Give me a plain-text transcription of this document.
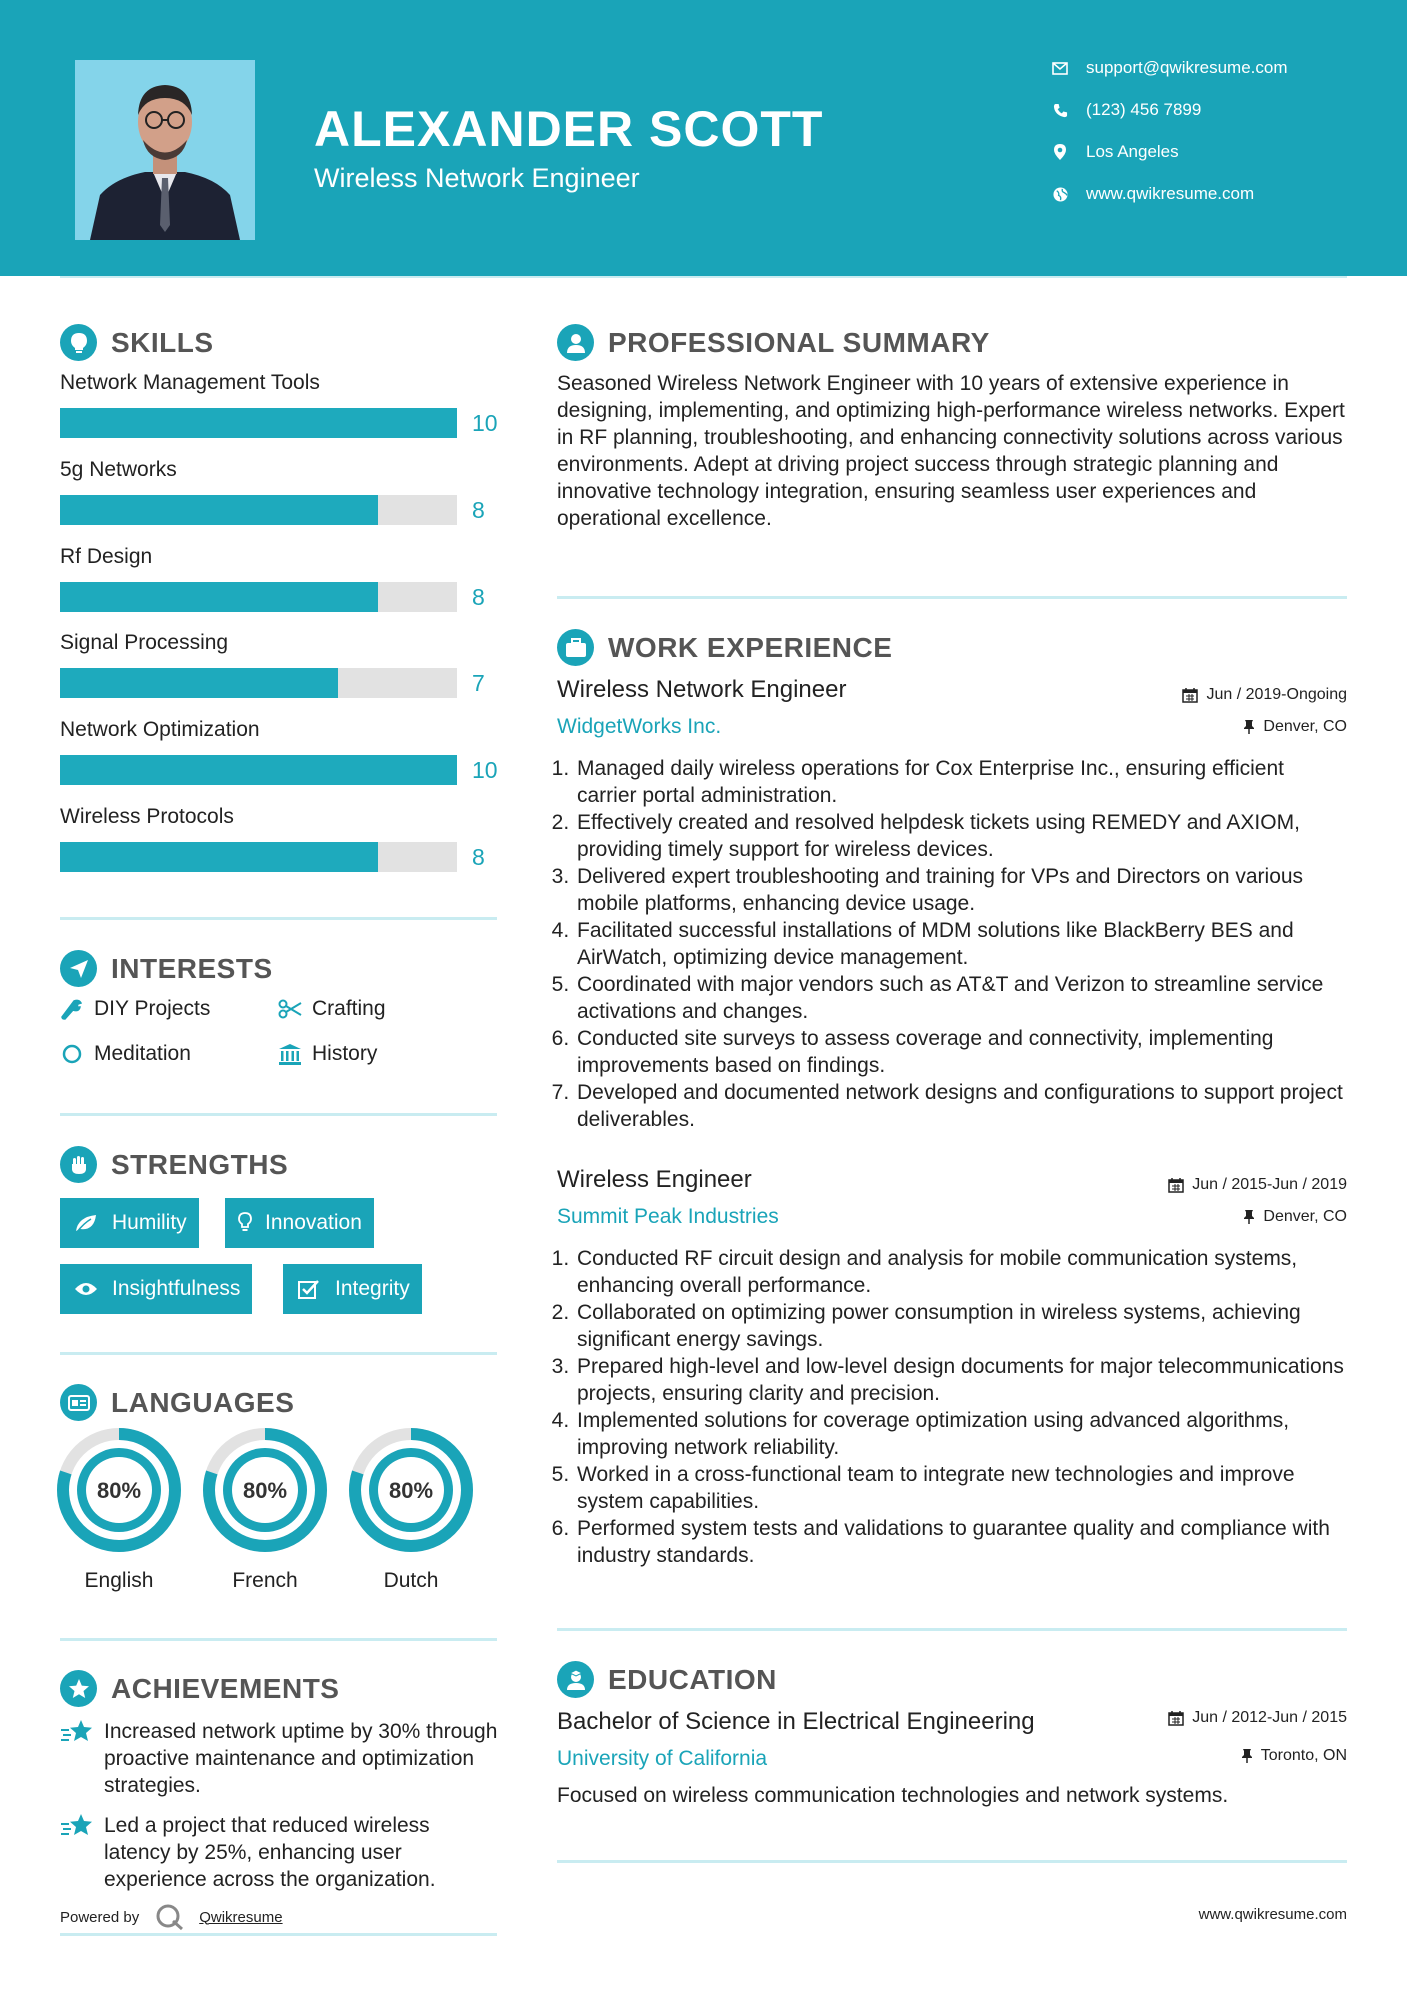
ALEXANDER SCOTT
Wireless Network Engineer
support@qwikresume.com
(123) 456 7899
Los Angeles
www.qwikresume.com
SKILLS
Network Management Tools
10
5g Networks
8
Rf Design
8
Signal Processing
7
Network Optimization
10
Wireless Protocols
8
INTERESTS
DIY Projects	Crafting
Meditation	History
STRENGTHS
Humility	Innovation
Insightfulness	Integrity
LANGUAGES
80%
English
80%
French
80%
Dutch
ACHIEVEMENTS
Increased network uptime by 30% through proactive maintenance and optimization strategies.
Led a project that reduced wireless latency by 25%, enhancing user experience across the organization.
Powered by	Qwikresume
PROFESSIONAL SUMMARY
Seasoned Wireless Network Engineer with 10 years of extensive experience in designing, implementing, and optimizing high-performance wireless networks. Expert in RF planning, troubleshooting, and enhancing connectivity solutions across various environments. Adept at driving project success through strategic planning and innovative technology integration, ensuring seamless user experiences and operational excellence.
WORK EXPERIENCE
Wireless Network Engineer	Jun / 2019-Ongoing
WidgetWorks Inc.	Denver, CO
1. Managed daily wireless operations for Cox Enterprise Inc., ensuring efficient carrier portal administration.
2. Effectively created and resolved helpdesk tickets using REMEDY and AXIOM, providing timely support for wireless devices.
3. Delivered expert troubleshooting and training for VPs and Directors on various mobile platforms, enhancing device usage.
4. Facilitated successful installations of MDM solutions like BlackBerry BES and AirWatch, optimizing device management.
5. Coordinated with major vendors such as AT&T and Verizon to streamline service activations and changes.
6. Conducted site surveys to assess coverage and connectivity, implementing improvements based on findings.
7. Developed and documented network designs and configurations to support project deliverables.
Wireless Engineer	Jun / 2015-Jun / 2019
Summit Peak Industries	Denver, CO
1. Conducted RF circuit design and analysis for mobile communication systems, enhancing overall performance.
2. Collaborated on optimizing power consumption in wireless systems, achieving significant energy savings.
3. Prepared high-level and low-level design documents for major telecommunications projects, ensuring clarity and precision.
4. Implemented solutions for coverage optimization using advanced algorithms, improving network reliability.
5. Worked in a cross-functional team to integrate new technologies and improve system capabilities.
6. Performed system tests and validations to guarantee quality and compliance with industry standards.
EDUCATION
Bachelor of Science in Electrical Engineering	Jun / 2012-Jun / 2015
University of California	Toronto, ON
Focused on wireless communication technologies and network systems.
www.qwikresume.com
